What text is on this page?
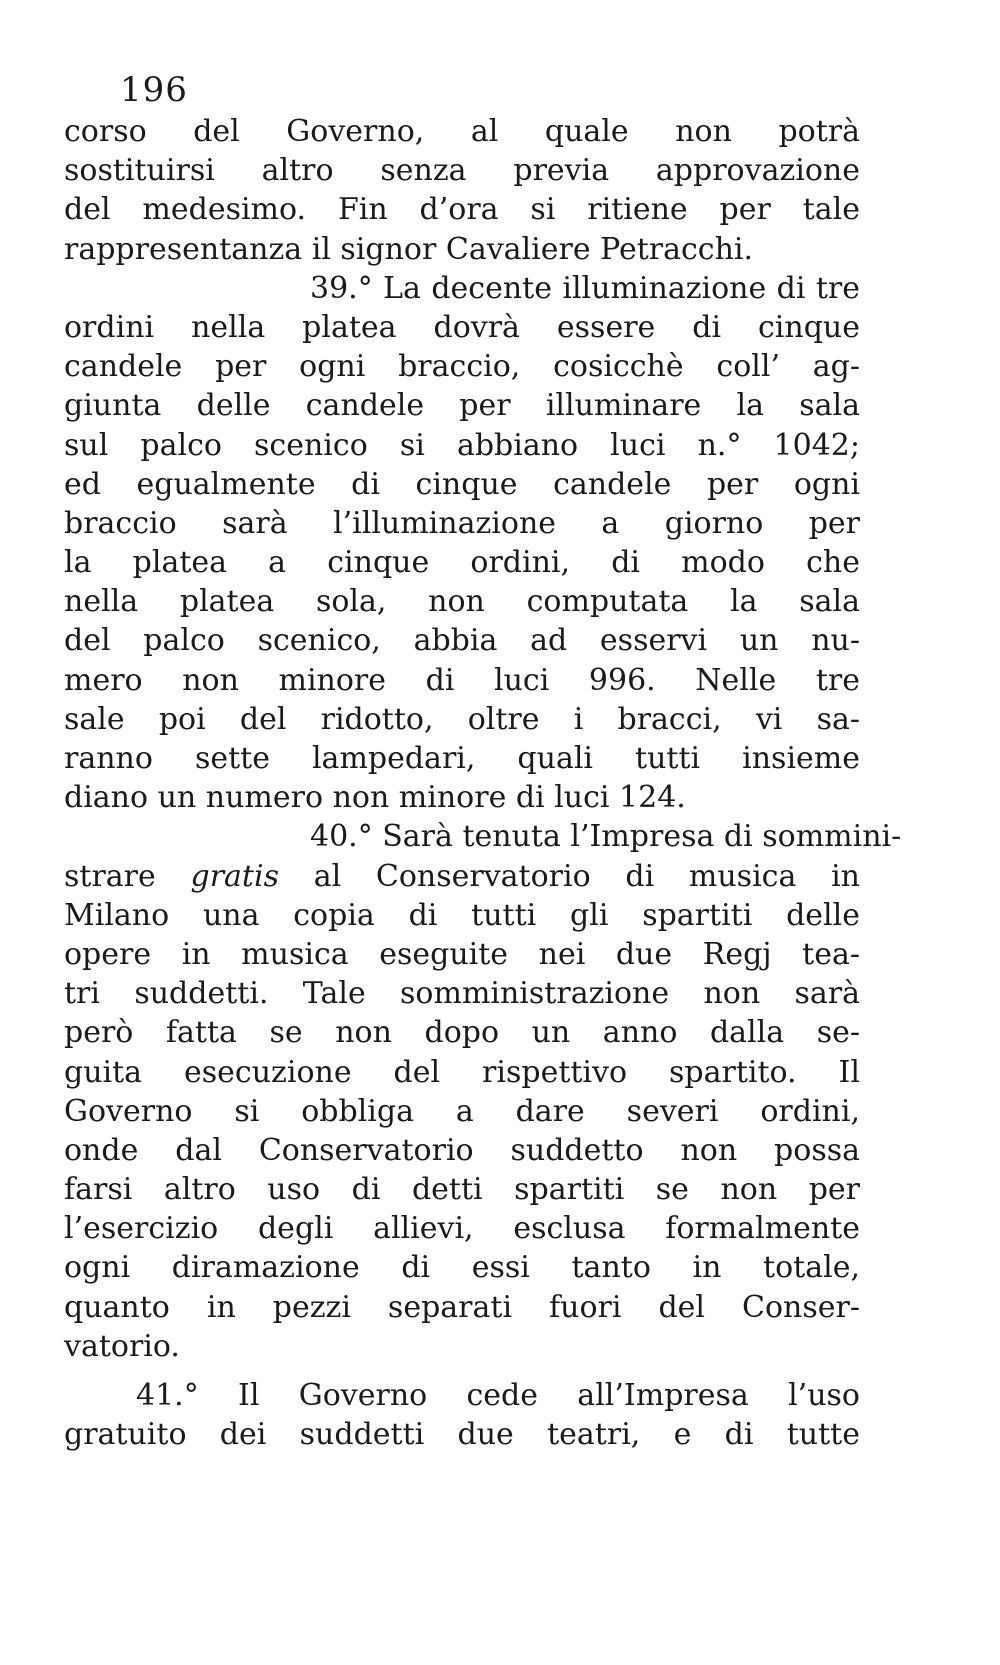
196
corso del Governo, al quale non potrà
sostituirsi altro senza previa approvazione
del medesimo. Fin d’ora si ritiene per tale
rappresentanza il signor Cavaliere Petracchi.
39.° La decente illuminazione di tre
ordini nella platea dovrà essere di cinque
candele per ogni braccio, cosicchè coll’ ag-
giunta delle candele per illuminare la sala
sul palco scenico si abbiano luci n.° 1042;
ed egualmente di cinque candele per ogni
braccio sarà l’illuminazione a giorno per
la platea a cinque ordini, di modo che
nella platea sola, non computata la sala
del palco scenico, abbia ad esservi un nu-
mero non minore di luci 996. Nelle tre
sale poi del ridotto, oltre i bracci, vi sa-
ranno sette lampedari, quali tutti insieme
diano un numero non minore di luci 124.
40.° Sarà tenuta l’Impresa di sommini-
strare gratis al Conservatorio di musica in
Milano una copia di tutti gli spartiti delle
opere in musica eseguite nei due Regj tea-
tri suddetti. Tale somministrazione non sarà
però fatta se non dopo un anno dalla se-
guita esecuzione del rispettivo spartito. Il
Governo si obbliga a dare severi ordini,
onde dal Conservatorio suddetto non possa
farsi altro uso di detti spartiti se non per
l’esercizio degli allievi, esclusa formalmente
ogni diramazione di essi tanto in totale,
quanto in pezzi separati fuori del Conser-
vatorio.
41.° Il Governo cede all’Impresa l’uso
gratuito dei suddetti due teatri, e di tutte
